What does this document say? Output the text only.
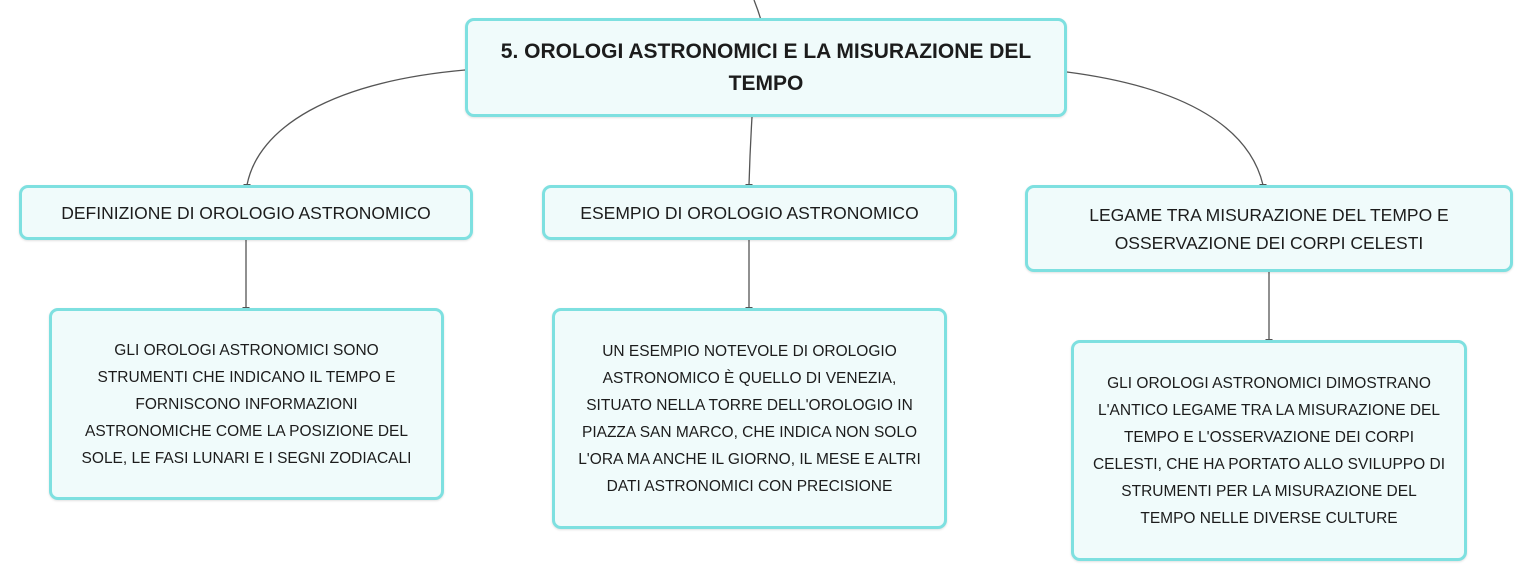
5. OROLOGI ASTRONOMICI E LA MISURAZIONE DEL
TEMPO
DEFINIZIONE DI OROLOGIO ASTRONOMICO	ESEMPIO DI OROLOGIO ASTRONOMICO	LEGAME TRA MISURAZIONE DEL TEMPO E
OSSERVAZIONE DEI CORPI CELESTI
GLI OROLOGI ASTRONOMICI SONO
STRUMENTI CHE INDICANO IL TEMPO E
FORNISCONO INFORMAZIONI
ASTRONOMICHE COME LA POSIZIONE DEL
SOLE, LE FASI LUNARI E I SEGNI ZODIACALI
UN ESEMPIO NOTEVOLE DI OROLOGIO
ASTRONOMICO È QUELLO DI VENEZIA,
SITUATO NELLA TORRE DELL'OROLOGIO IN
PIAZZA SAN MARCO, CHE INDICA NON SOLO
L'ORA MA ANCHE IL GIORNO, IL MESE E ALTRI
DATI ASTRONOMICI CON PRECISIONE
GLI OROLOGI ASTRONOMICI DIMOSTRANO
L'ANTICO LEGAME TRA LA MISURAZIONE DEL
TEMPO E L'OSSERVAZIONE DEI CORPI
CELESTI, CHE HA PORTATO ALLO SVILUPPO DI
STRUMENTI PER LA MISURAZIONE DEL
TEMPO NELLE DIVERSE CULTURE
